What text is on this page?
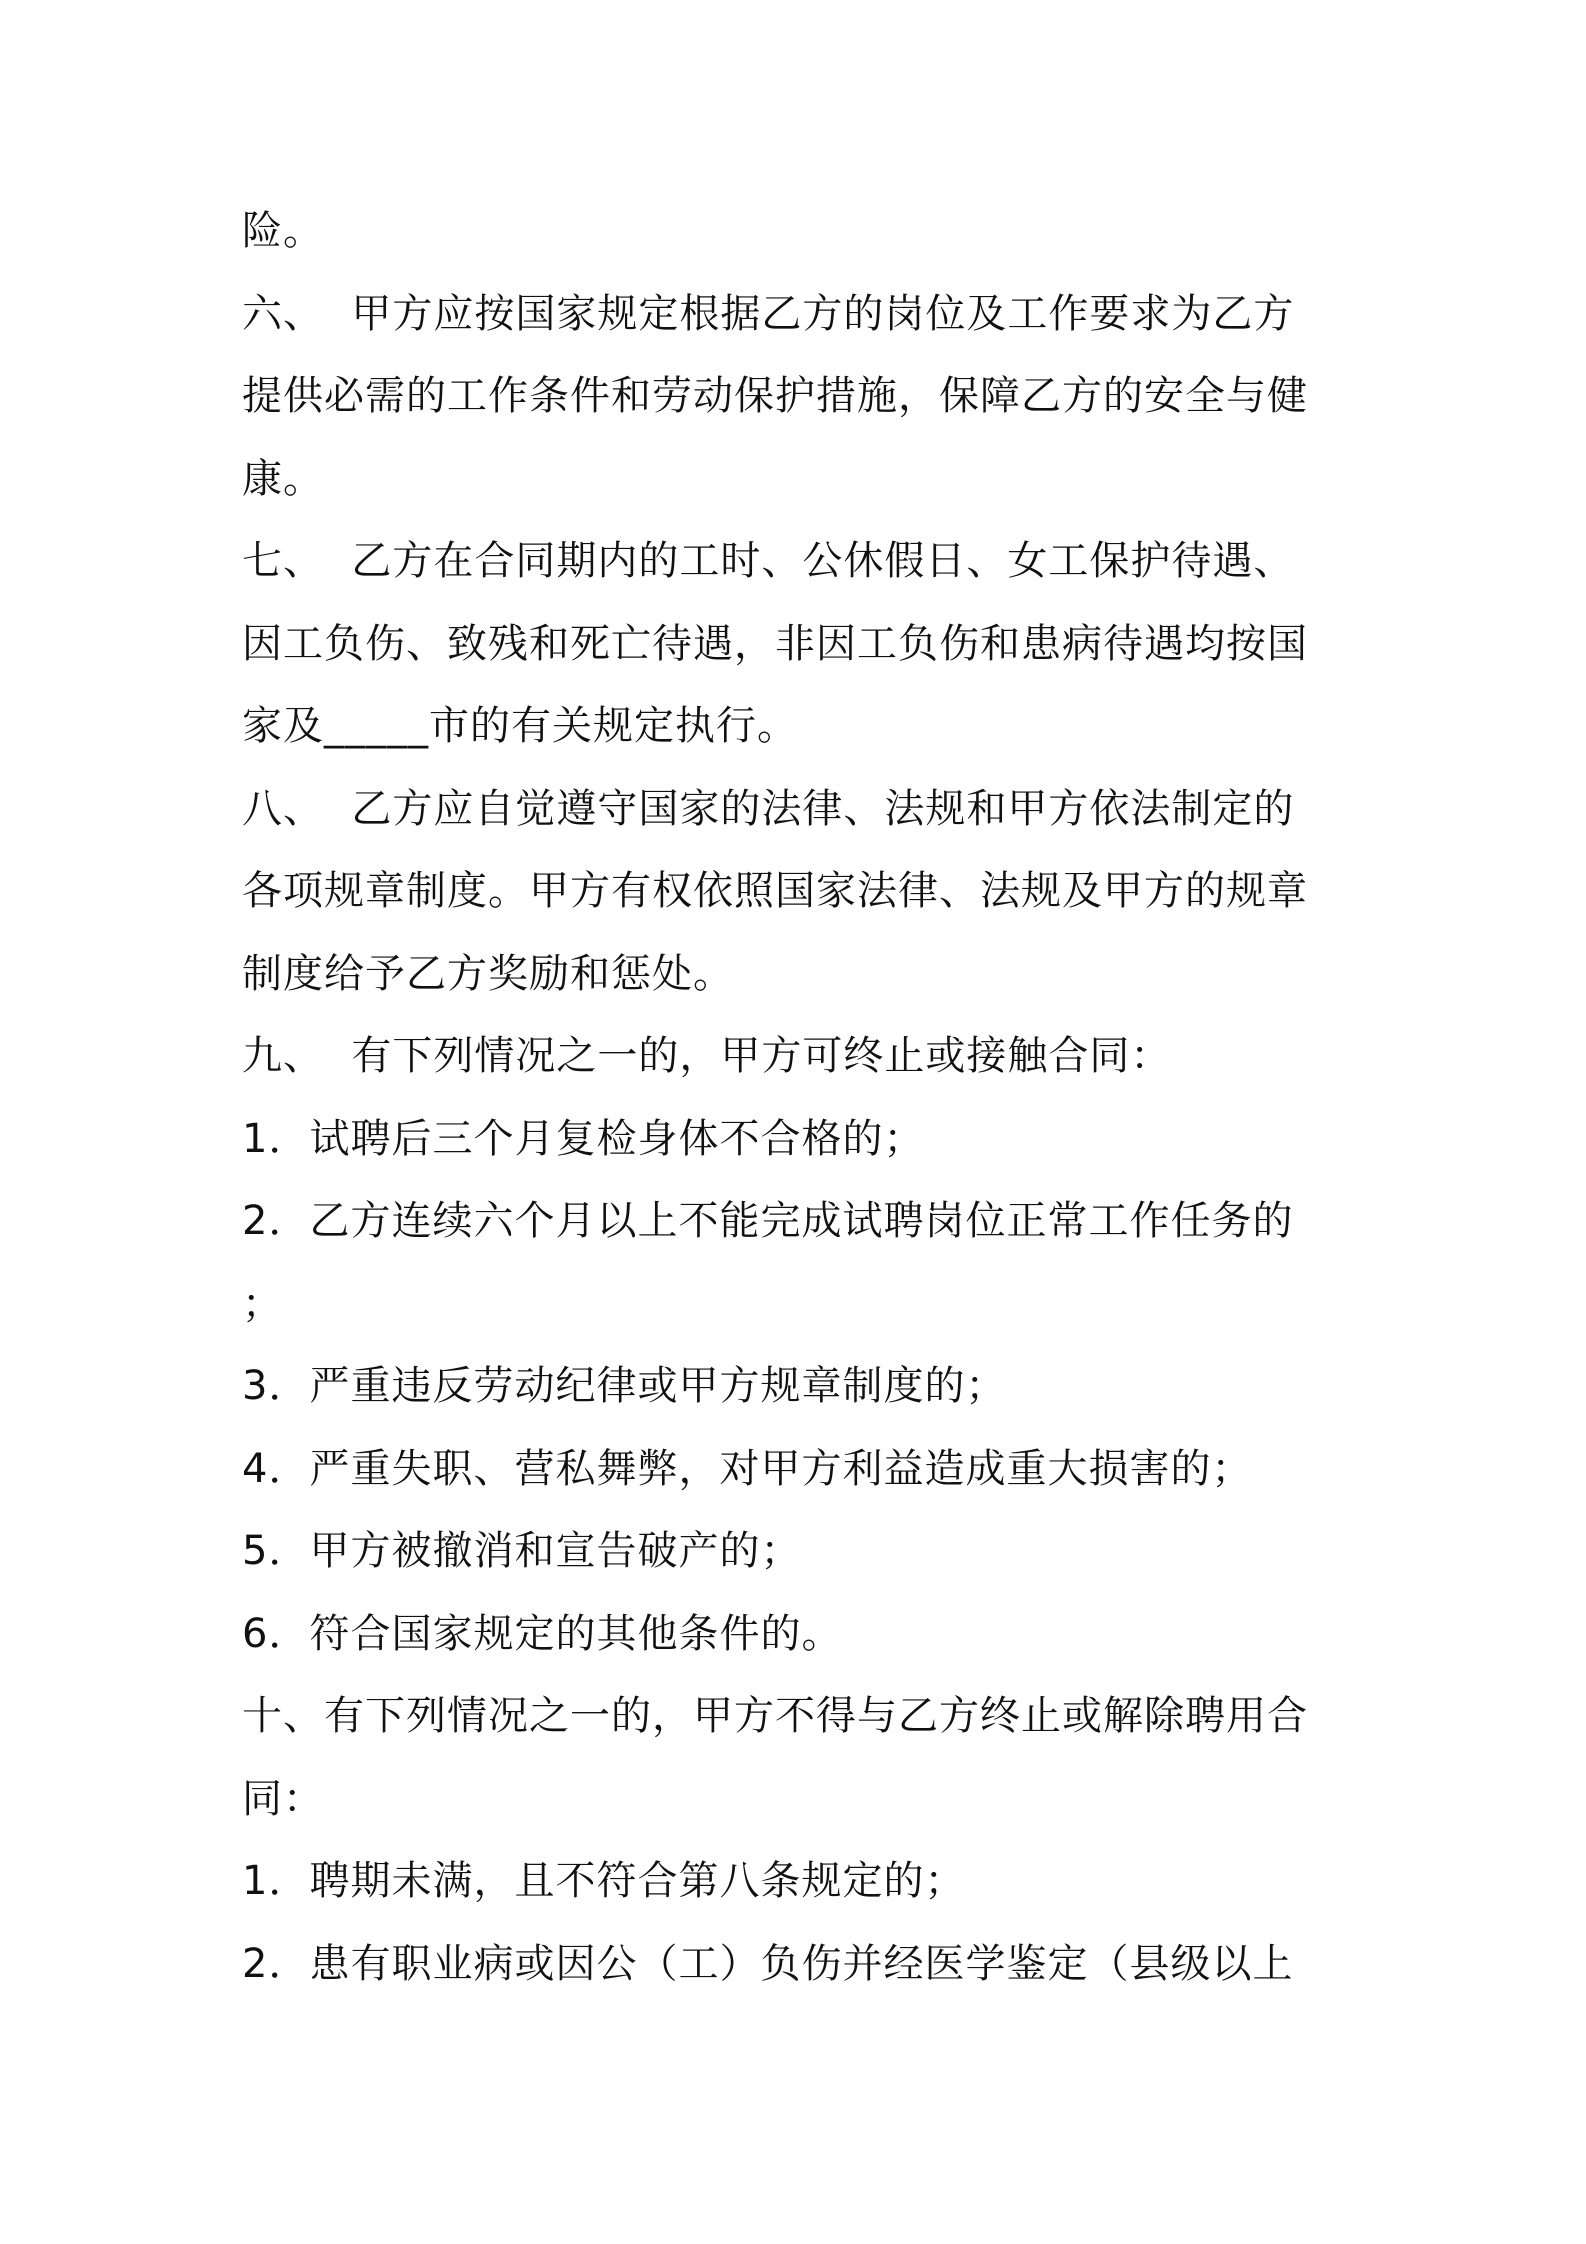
险。
六、  甲方应按国家规定根据乙方的岗位及工作要求为乙方
提供必需的工作条件和劳动保护措施，保障乙方的安全与健
康。
七、  乙方在合同期内的工时、公休假日、女工保护待遇、
因工负伤、致残和死亡待遇，非因工负伤和患病待遇均按国
家及_____市的有关规定执行。
八、  乙方应自觉遵守国家的法律、法规和甲方依法制定的
各项规章制度。甲方有权依照国家法律、法规及甲方的规章
制度给予乙方奖励和惩处。
九、  有下列情况之一的，甲方可终止或接触合同：
1．试聘后三个月复检身体不合格的；
2．乙方连续六个月以上不能完成试聘岗位正常工作任务的
；
3．严重违反劳动纪律或甲方规章制度的；
4．严重失职、营私舞弊，对甲方利益造成重大损害的；
5．甲方被撤消和宣告破产的；
6．符合国家规定的其他条件的。
十、有下列情况之一的，甲方不得与乙方终止或解除聘用合
同：
1．聘期未满，且不符合第八条规定的；
2．患有职业病或因公（工）负伤并经医学鉴定（县级以上
